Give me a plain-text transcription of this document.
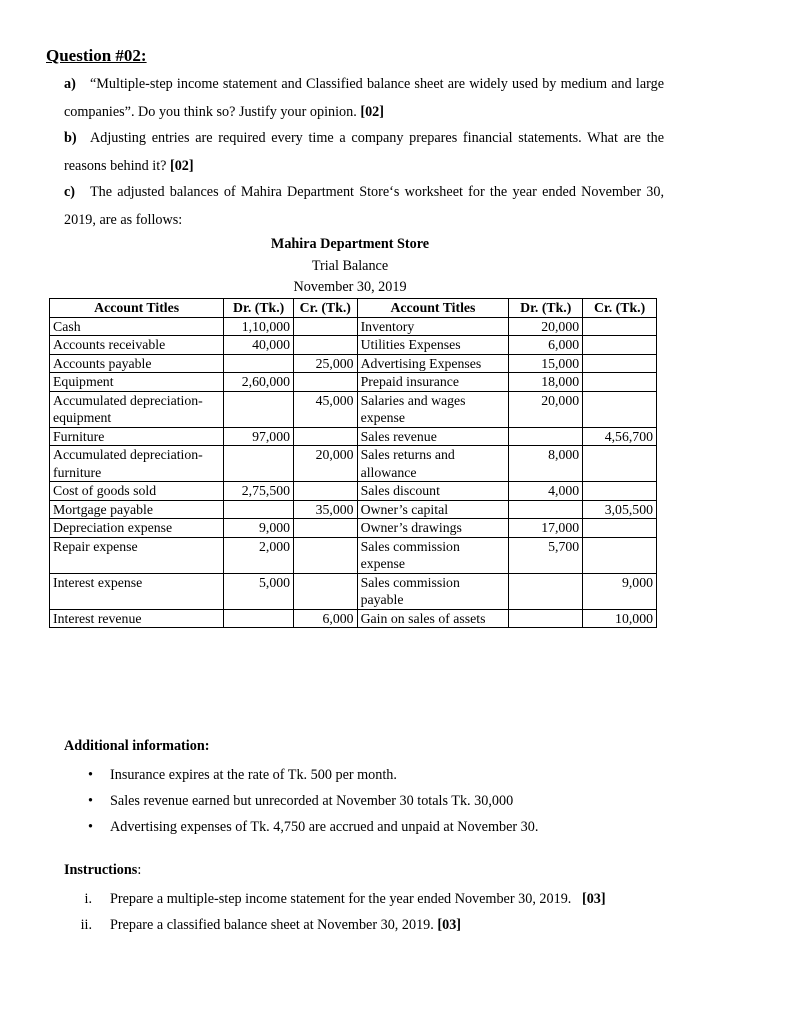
Question #02:
a) “Multiple-step income statement and Classified balance sheet are widely used by medium and large companies”. Do you think so? Justify your opinion. [02]
b) Adjusting entries are required every time a company prepares financial statements. What are the reasons behind it? [02]
c) The adjusted balances of Mahira Department Store‘s worksheet for the year ended November 30, 2019, are as follows:
Mahira Department Store
Trial Balance
November 30, 2019
Account Titles	Dr. (Tk.)	Cr. (Tk.)	Account Titles	Dr. (Tk.)	Cr. (Tk.)
Cash	1,10,000		Inventory	20,000	
Accounts receivable	40,000		Utilities Expenses	6,000	
Accounts payable		25,000	Advertising Expenses	15,000	
Equipment	2,60,000		Prepaid insurance	18,000	
Accumulated depreciation-equipment		45,000	Salaries and wages expense	20,000	
Furniture	97,000		Sales revenue		4,56,700
Accumulated depreciation-furniture		20,000	Sales returns and allowance	8,000	
Cost of goods sold	2,75,500		Sales discount	4,000	
Mortgage payable		35,000	Owner’s capital		3,05,500
Depreciation expense	9,000		Owner’s drawings	17,000	
Repair expense	2,000		Sales commission expense	5,700	
Interest expense	5,000		Sales commission payable		9,000
Interest revenue		6,000	Gain on sales of assets		10,000
Additional information:
• Insurance expires at the rate of Tk. 500 per month.
• Sales revenue earned but unrecorded at November 30 totals Tk. 30,000
• Advertising expenses of Tk. 4,750 are accrued and unpaid at November 30.
Instructions:
i. Prepare a multiple-step income statement for the year ended November 30, 2019. [03]
ii. Prepare a classified balance sheet at November 30, 2019. [03]
